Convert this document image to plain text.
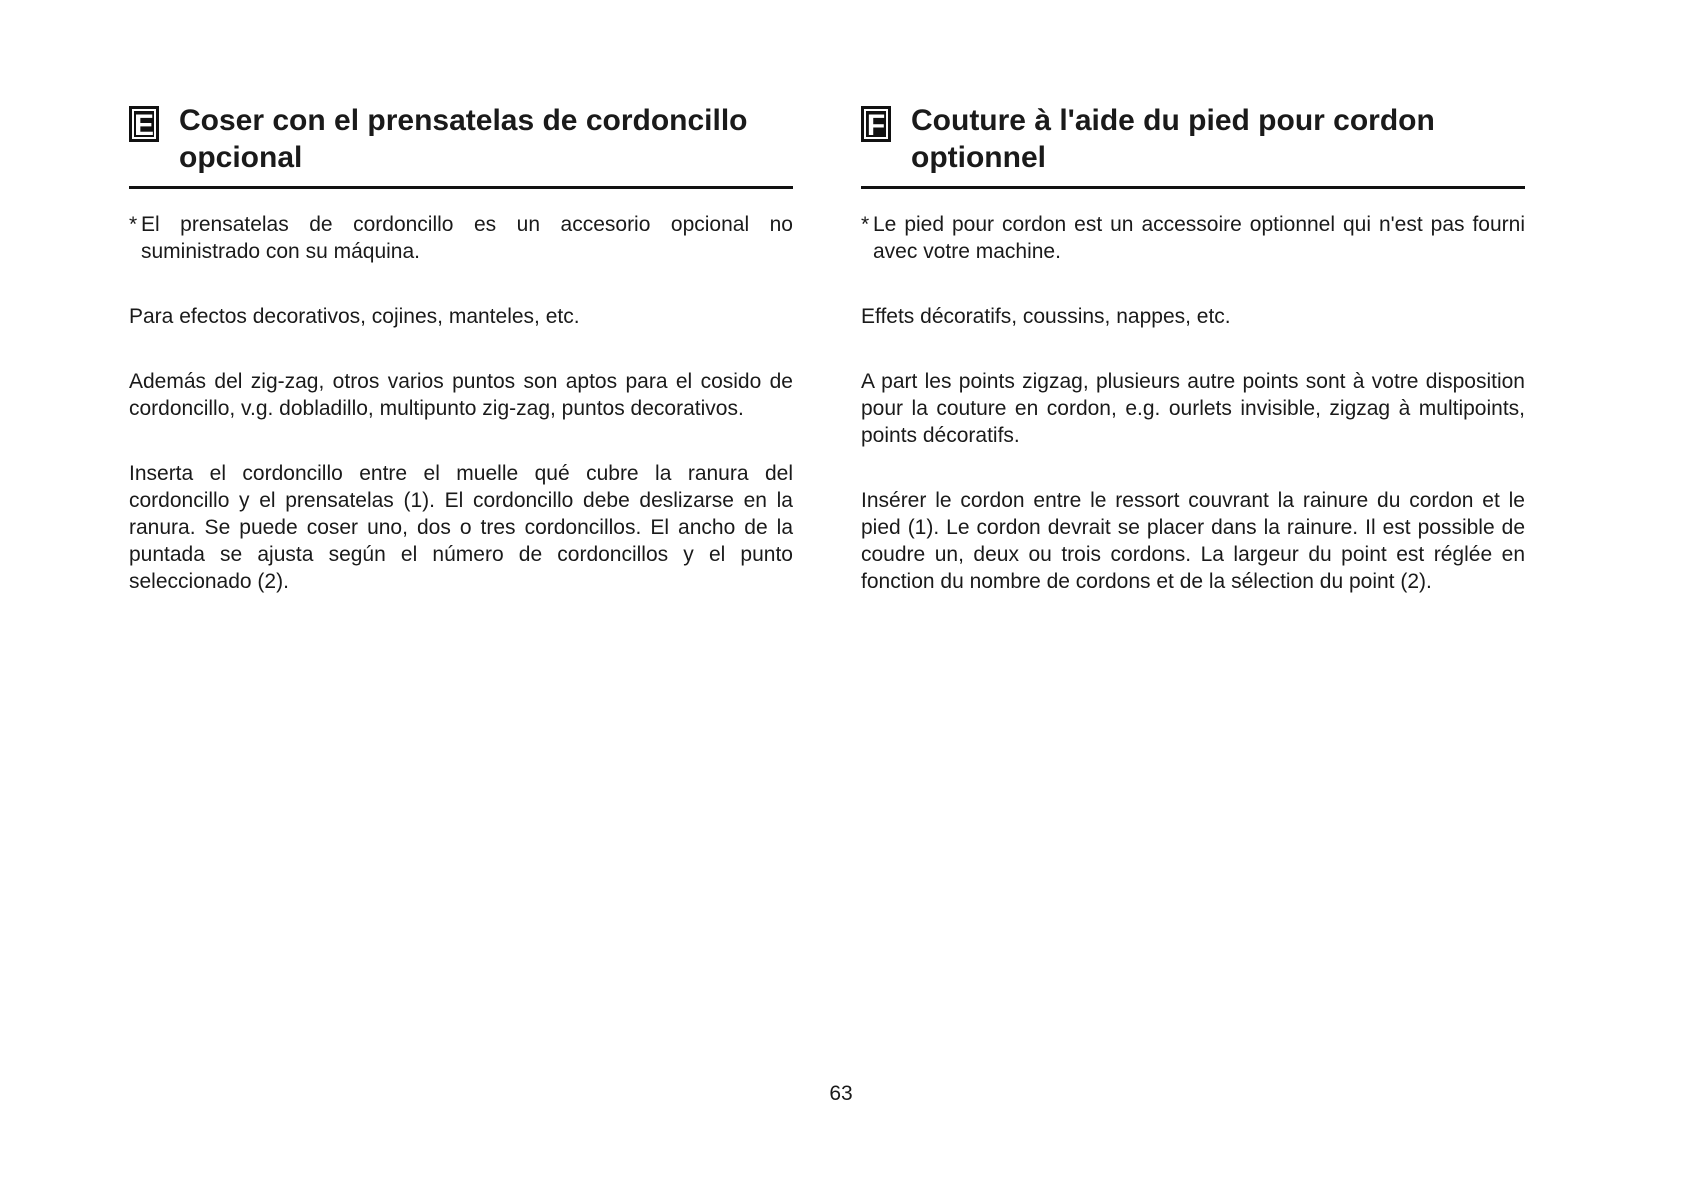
E Coser con el prensatelas de cordoncillo opcional
* El prensatelas de cordoncillo es un accesorio opcional no suministrado con su máquina.

Para efectos decorativos, cojines, manteles, etc.

Además del zig-zag, otros varios puntos son aptos para el cosido de cordoncillo, v.g. dobladillo, multipunto zig-zag, puntos decorativos.

Inserta el cordoncillo entre el muelle qué cubre la ranura del cordoncillo y el prensatelas (1). El cordoncillo debe deslizarse en la ranura. Se puede coser uno, dos o tres cordoncillos. El ancho de la puntada se ajusta según el número de cordoncillos y el punto seleccionado (2).

F Couture à l'aide du pied pour cordon optionnel
* Le pied pour cordon est un accessoire optionnel qui n'est pas fourni avec votre machine.

Effets décoratifs, coussins, nappes, etc.

A part les points zigzag, plusieurs autre points sont à votre disposition pour la couture en cordon, e.g. ourlets invisible, zigzag à multipoints, points décoratifs.

Insérer le cordon entre le ressort couvrant la rainure du cordon et le pied (1). Le cordon devrait se placer dans la rainure. Il est possible de coudre un, deux ou trois cordons. La largeur du point est réglée en fonction du nombre de cordons et de la sélection du point (2).

63
